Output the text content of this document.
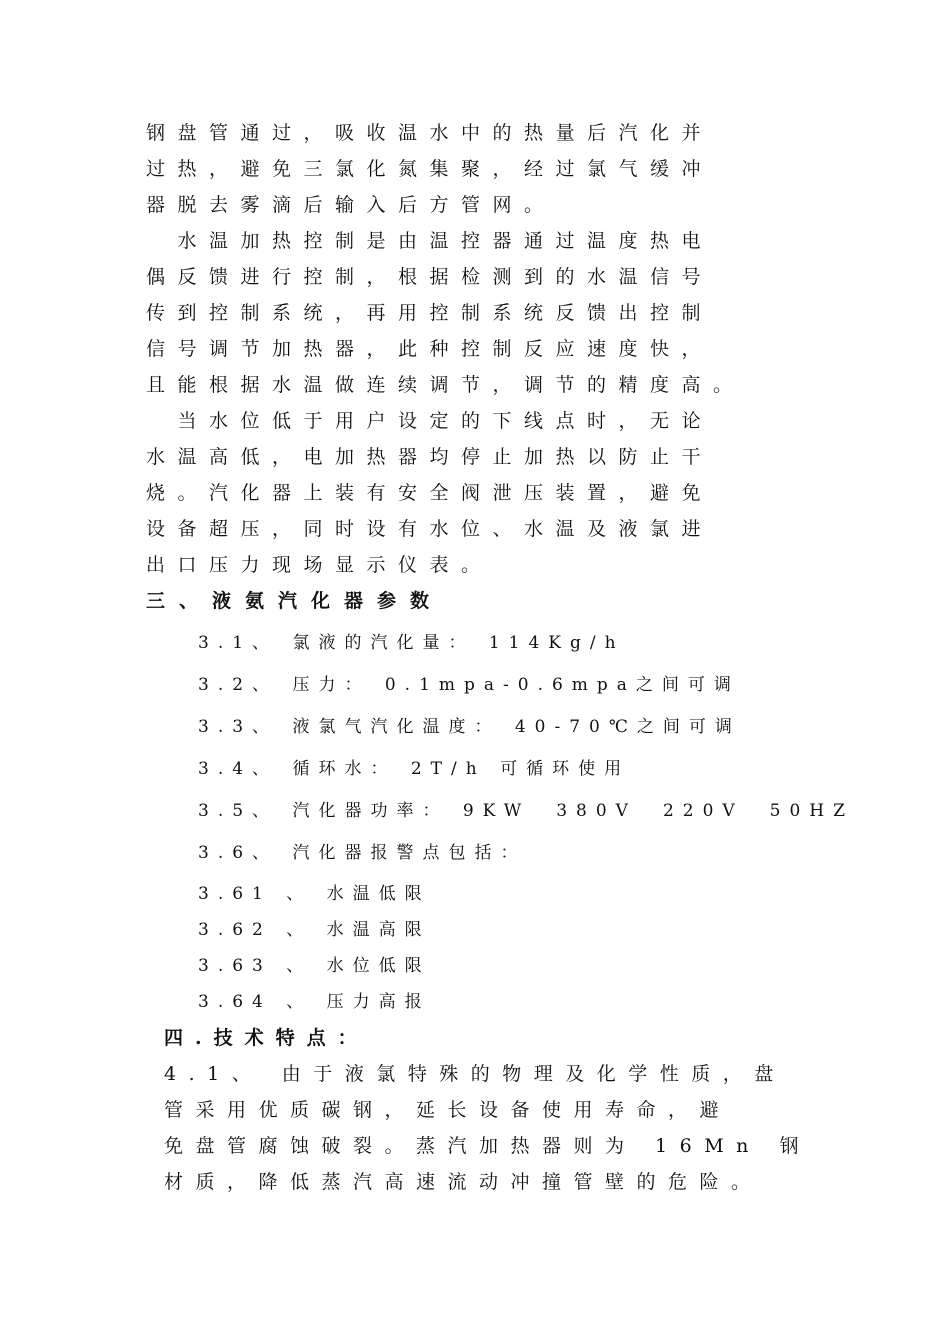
钢盘管通过，吸收温水中的热量后汽化并
过热，避免三氯化氮集聚，经过氯气缓冲
器脱去雾滴后输入后方管网。
　水温加热控制是由温控器通过温度热电
偶反馈进行控制，根据检测到的水温信号
传到控制系统，再用控制系统反馈出控制
信号调节加热器，此种控制反应速度快，
且能根据水温做连续调节，调节的精度高。
　当水位低于用户设定的下线点时，无论
水温高低，电加热器均停止加热以防止干
烧。汽化器上装有安全阀泄压装置，避免
设备超压，同时设有水位、水温及液氯进
出口压力现场显示仪表。
三、液氨汽化器参数
3.1、 氯液的汽化量： 114Kg/h
3.2、 压力： 0.1mpa-0.6mpa之间可调
3.3、 液氯气汽化温度： 40-70℃之间可调
3.4、 循环水： 2T/h 可循环使用
3.5、 汽化器功率： 9KW　380V　220V　50HZ
3.6、 汽化器报警点包括：
3.61 、 水温低限
3.62 、 水温高限
3.63 、 水位低限
3.64 、 压力高报
四.技术特点：
4.1、 由于液氯特殊的物理及化学性质，盘
管采用优质碳钢，延长设备使用寿命，避
免盘管腐蚀破裂。蒸汽加热器则为 16Mn 钢
材质，降低蒸汽高速流动冲撞管壁的危险。
